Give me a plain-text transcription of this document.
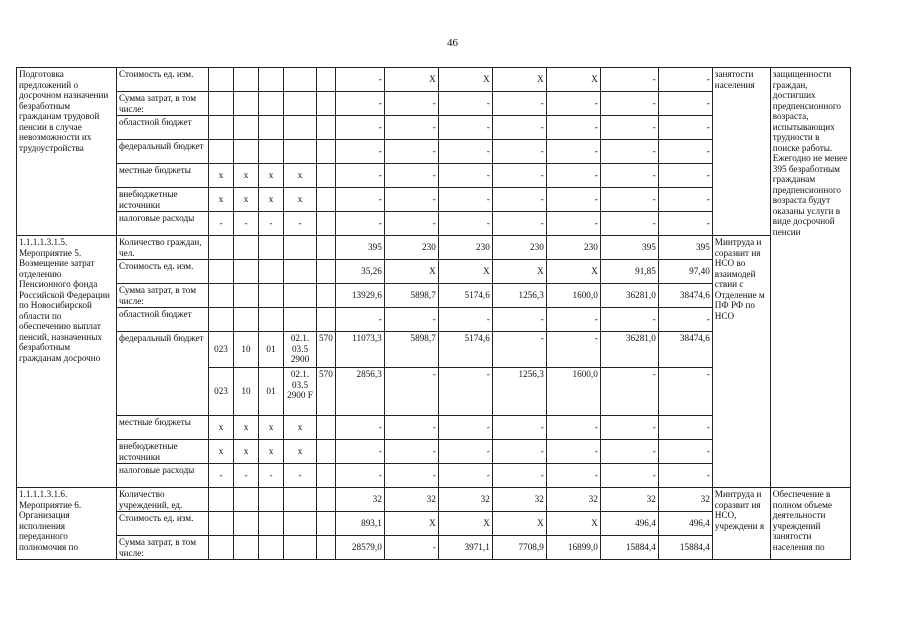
46
Подготовка предложений о досрочном назначении безработным гражданам трудовой пенсии в случае невозможности их трудоустройства	Стоимость ед. изм.						-	X	X	X	X	-	-	занятости населения	защищенности граждан, достигших предпенсионного возраста, испытывающих трудности в поиске работы. Ежегодно не менее 395 безработным гражданам предпенсионного возраста будут оказаны услуги в виде досрочной пенсии
	Сумма затрат, в том числе:						-	-	-	-	-	-	-		
	областной бюджет						-	-	-	-	-	-	-		
	федеральный бюджет						-	-	-	-	-	-	-		
	местные бюджеты	x	x	x	x		-	-	-	-	-	-	-		
	внебюджетные источники	x	x	x	x		-	-	-	-	-	-	-		
	налоговые расходы	-	-	-	-		-	-	-	-	-	-	-		
1.1.1.1.3.1.5. Мероприятие 5. Возмещение затрат отделению Пенсионного фонда Российской Федерации по Новосибирской области по обеспечению выплат пенсий, назначенных безработным гражданам досрочно	Количество граждан, чел.						395	230	230	230	230	395	395	Минтруда и соразвит ия НСО во взаимодей ствии с Отделение м ПФ РФ по НСО	
	Стоимость ед. изм.						35,26	X	X	X	X	91,85	97,40		
	Сумма затрат, в том числе:						13929,6	5898,7	5174,6	1256,3	1600,0	36281,0	38474,6		
	областной бюджет						-	-	-	-	-	-	-		
	федеральный бюджет	023	10	01	02.1. 03.5 2900	570	11073,3	5898,7	5174,6	-	-	36281,0	38474,6		
		023	10	01	02.1. 03.5 2900 F	570	2856,3	-	-	1256,3	1600,0	-	-		
	местные бюджеты	x	x	x	x		-	-	-	-	-	-	-		
	внебюджетные источники	x	x	x	x		-	-	-	-	-	-	-		
	налоговые расходы	-	-	-	-		-	-	-	-	-	-	-		
1.1.1.1.3.1.6. Мероприятие 6. Организация исполнения переданного полномочия по	Количество учреждений, ед.						32	32	32	32	32	32	32	Минтруда и соразвит ия НСО, учреждени я	Обеспечение в полном объеме деятельности учреждений занятости населения по
	Стоимость ед. изм.						893,1	X	X	X	X	496,4	496,4		
	Сумма затрат, в том числе:						28579,0	-	3971,1	7708,9	16899,0	15884,4	15884,4		
